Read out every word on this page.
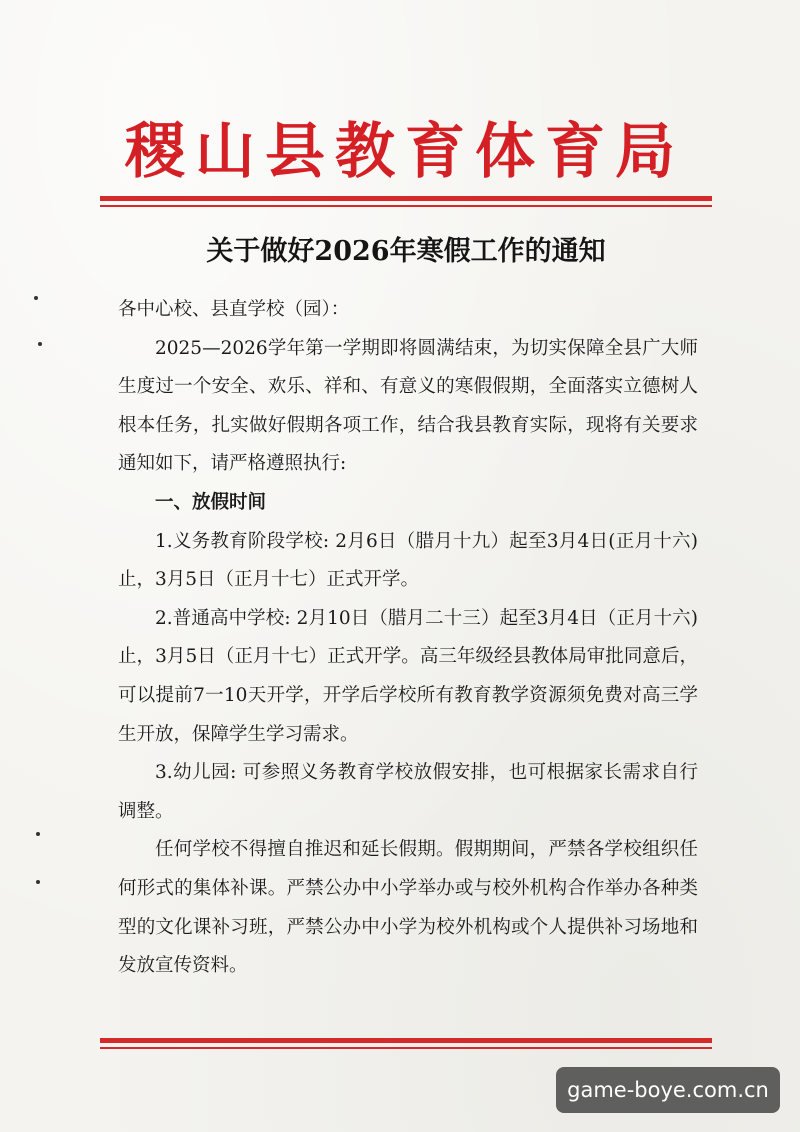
稷山县教育体育局
关于做好2026年寒假工作的通知

各中心校、县直学校（园）：

2025—2026学年第一学期即将圆满结束，为切实保障全县广大师生度过一个安全、欢乐、祥和、有意义的寒假假期，全面落实立德树人根本任务，扎实做好假期各项工作，结合我县教育实际，现将有关要求通知如下，请严格遵照执行:

一、放假时间

1.义务教育阶段学校: 2月6日（腊月十九）起至3月4日(正月十六)止，3月5日（正月十七）正式开学。

2.普通高中学校: 2月10日（腊月二十三）起至3月4日（正月十六)止，3月5日（正月十七）正式开学。高三年级经县教体局审批同意后，可以提前7一10天开学，开学后学校所有教育教学资源须免费对高三学生开放，保障学生学习需求。

3.幼儿园: 可参照义务教育学校放假安排，也可根据家长需求自行调整。

任何学校不得擅自推迟和延长假期。假期期间，严禁各学校组织任何形式的集体补课。严禁公办中小学举办或与校外机构合作举办各种类型的文化课补习班，严禁公办中小学为校外机构或个人提供补习场地和发放宣传资料。

game-boye.com.cn
